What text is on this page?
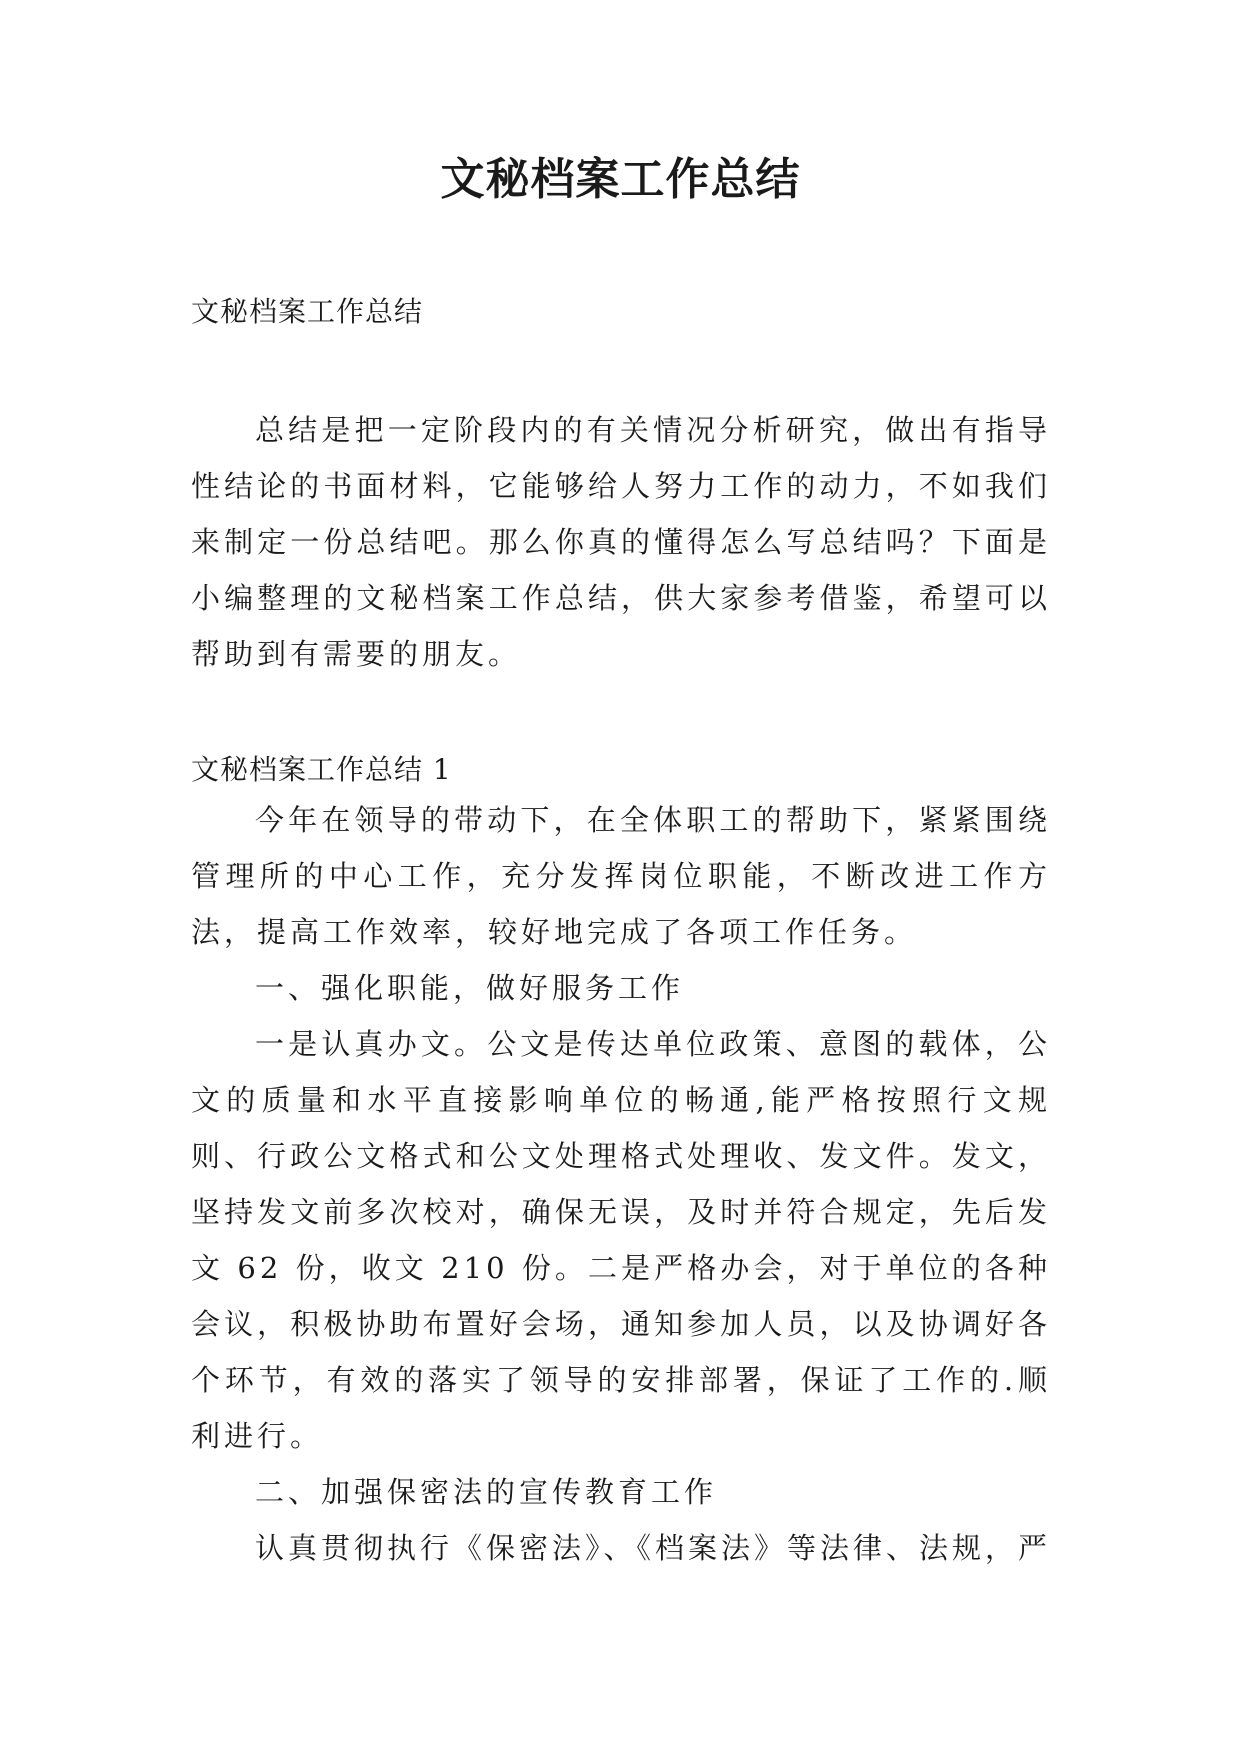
文秘档案工作总结
文秘档案工作总结

总结是把一定阶段内的有关情况分析研究，做出有指导性结论的书面材料，它能够给人努力工作的动力，不如我们来制定一份总结吧。那么你真的懂得怎么写总结吗？下面是小编整理的文秘档案工作总结，供大家参考借鉴，希望可以帮助到有需要的朋友。

文秘档案工作总结 1

今年在领导的带动下，在全体职工的帮助下，紧紧围绕管理所的中心工作，充分发挥岗位职能，不断改进工作方法，提高工作效率，较好地完成了各项工作任务。

一、强化职能，做好服务工作

一是认真办文。公文是传达单位政策、意图的载体，公文的质量和水平直接影响单位的畅通,能严格按照行文规则、行政公文格式和公文处理格式处理收、发文件。发文，坚持发文前多次校对，确保无误，及时并符合规定，先后发文 62 份，收文 210 份。二是严格办会，对于单位的各种会议，积极协助布置好会场，通知参加人员，以及协调好各个环节，有效的落实了领导的安排部署，保证了工作的.顺利进行。

二、加强保密法的宣传教育工作

认真贯彻执行《保密法》、《档案法》等法律、法规，严
